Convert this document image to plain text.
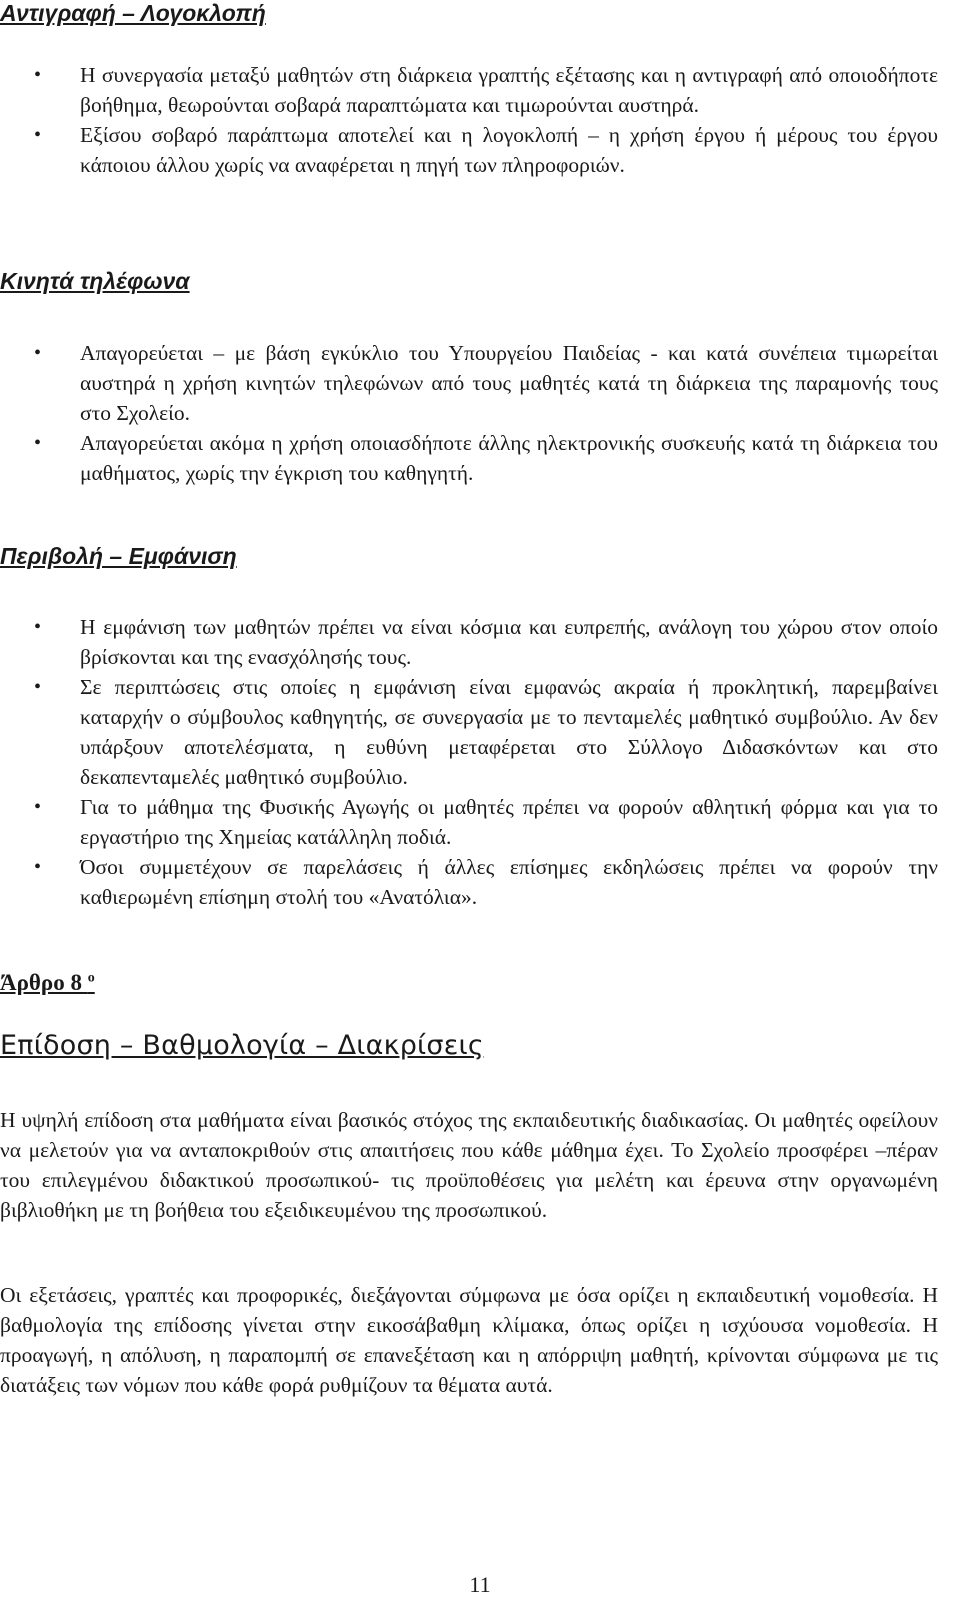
Αντιγραφή – Λογοκλοπή
• Η συνεργασία μεταξύ μαθητών στη διάρκεια γραπτής εξέτασης και η αντιγραφή από οποιοδήποτε βοήθημα, θεωρούνται σοβαρά παραπτώματα και τιμωρούνται αυστηρά.
• Εξίσου σοβαρό παράπτωμα αποτελεί και η λογοκλοπή – η χρήση έργου ή μέρους του έργου κάποιου άλλου χωρίς να αναφέρεται η πηγή των πληροφοριών.
Κινητά τηλέφωνα
• Απαγορεύεται – με βάση εγκύκλιο του Υπουργείου Παιδείας - και κατά συνέπεια τιμωρείται αυστηρά η χρήση κινητών τηλεφώνων από τους μαθητές κατά τη διάρκεια της παραμονής τους στο Σχολείο.
• Απαγορεύεται ακόμα η χρήση οποιασδήποτε άλλης ηλεκτρονικής συσκευής κατά τη διάρκεια του μαθήματος, χωρίς την έγκριση του καθηγητή.
Περιβολή – Εμφάνιση
• Η εμφάνιση των μαθητών πρέπει να είναι κόσμια και ευπρεπής, ανάλογη του χώρου στον οποίο βρίσκονται και της ενασχόλησής τους.
• Σε περιπτώσεις στις οποίες η εμφάνιση είναι εμφανώς ακραία ή προκλητική, παρεμβαίνει καταρχήν ο σύμβουλος καθηγητής, σε συνεργασία με το πενταμελές μαθητικό συμβούλιο. Αν δεν υπάρξουν αποτελέσματα, η ευθύνη μεταφέρεται στο Σύλλογο Διδασκόντων και στο δεκαπενταμελές μαθητικό συμβούλιο.
• Για το μάθημα της Φυσικής Αγωγής οι μαθητές πρέπει να φορούν αθλητική φόρμα και για το εργαστήριο της Χημείας κατάλληλη ποδιά.
• Όσοι συμμετέχουν σε παρελάσεις ή άλλες επίσημες εκδηλώσεις πρέπει να φορούν την καθιερωμένη επίσημη στολή του «Ανατόλια».
Άρθρο 8 $^o$
Επίδοση – Βαθμολογία – Διακρίσεις

Η υψηλή επίδοση στα μαθήματα είναι βασικός στόχος της εκπαιδευτικής διαδικασίας. Οι μαθητές οφείλουν να μελετούν για να ανταποκριθούν στις απαιτήσεις που κάθε μάθημα έχει. Το Σχολείο προσφέρει –πέραν του επιλεγμένου διδακτικού προσωπικού- τις προϋποθέσεις για μελέτη και έρευνα στην οργανωμένη βιβλιοθήκη με τη βοήθεια του εξειδικευμένου της προσωπικού.

Οι εξετάσεις, γραπτές και προφορικές, διεξάγονται σύμφωνα με όσα ορίζει η εκπαιδευτική νομοθεσία. Η βαθμολογία της επίδοσης γίνεται στην εικοσάβαθμη κλίμακα, όπως ορίζει η ισχύουσα νομοθεσία. Η προαγωγή, η απόλυση, η παραπομπή σε επανεξέταση και η απόρριψη μαθητή, κρίνονται σύμφωνα με τις διατάξεις των νόμων που κάθε φορά ρυθμίζουν τα θέματα αυτά.

11
